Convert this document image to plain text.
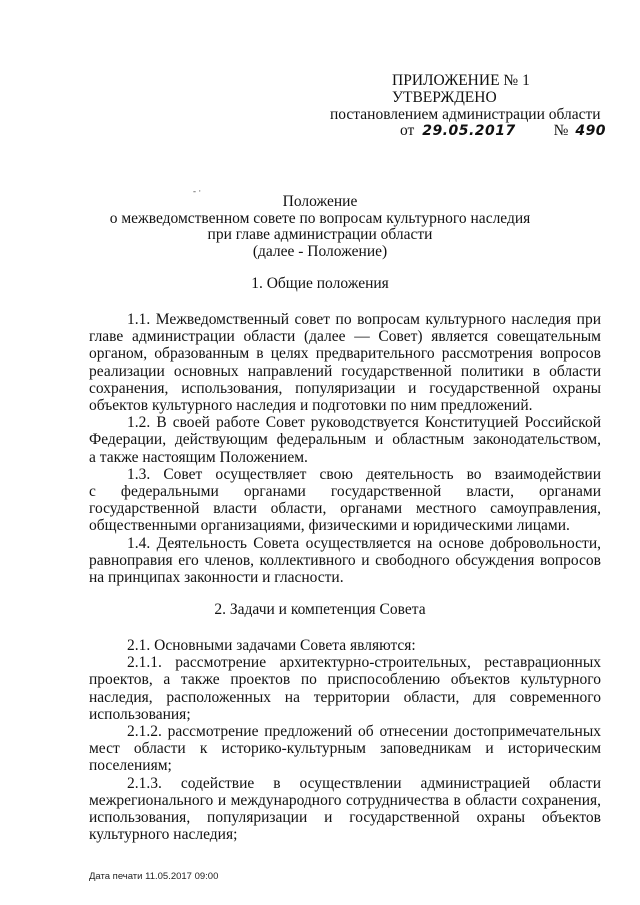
ПРИЛОЖЕНИЕ № 1
УТВЕРЖДЕНО
постановлением администрации области
от 29.05.2017 № 490
- ·
Положение
о межведомственном совете по вопросам культурного наследия
при главе администрации области
(далее - Положение)
1. Общие положения
1.1. Межведомственный совет по вопросам культурного наследия при
главе администрации области (далее — Совет) является совещательным
органом, образованным в целях предварительного рассмотрения вопросов
реализации основных направлений государственной политики в области
сохранения, использования, популяризации и государственной охраны
объектов культурного наследия и подготовки по ним предложений.
1.2. В своей работе Совет руководствуется Конституцией Российской
Федерации, действующим федеральным и областным законодательством,
а также настоящим Положением.
1.3. Совет осуществляет свою деятельность во взаимодействии
с федеральными органами государственной власти, органами
государственной власти области, органами местного самоуправления,
общественными организациями, физическими и юридическими лицами.
1.4. Деятельность Совета осуществляется на основе добровольности,
равноправия его членов, коллективного и свободного обсуждения вопросов
на принципах законности и гласности.
2. Задачи и компетенция Совета
2.1. Основными задачами Совета являются:
2.1.1. рассмотрение архитектурно-строительных, реставрационных
проектов, а также проектов по приспособлению объектов культурного
наследия, расположенных на территории области, для современного
использования;
2.1.2. рассмотрение предложений об отнесении достопримечательных
мест области к историко-культурным заповедникам и историческим
поселениям;
2.1.3. содействие в осуществлении администрацией области
межрегионального и международного сотрудничества в области сохранения,
использования, популяризации и государственной охраны объектов
культурного наследия;
Дата печати 11.05.2017 09:00
